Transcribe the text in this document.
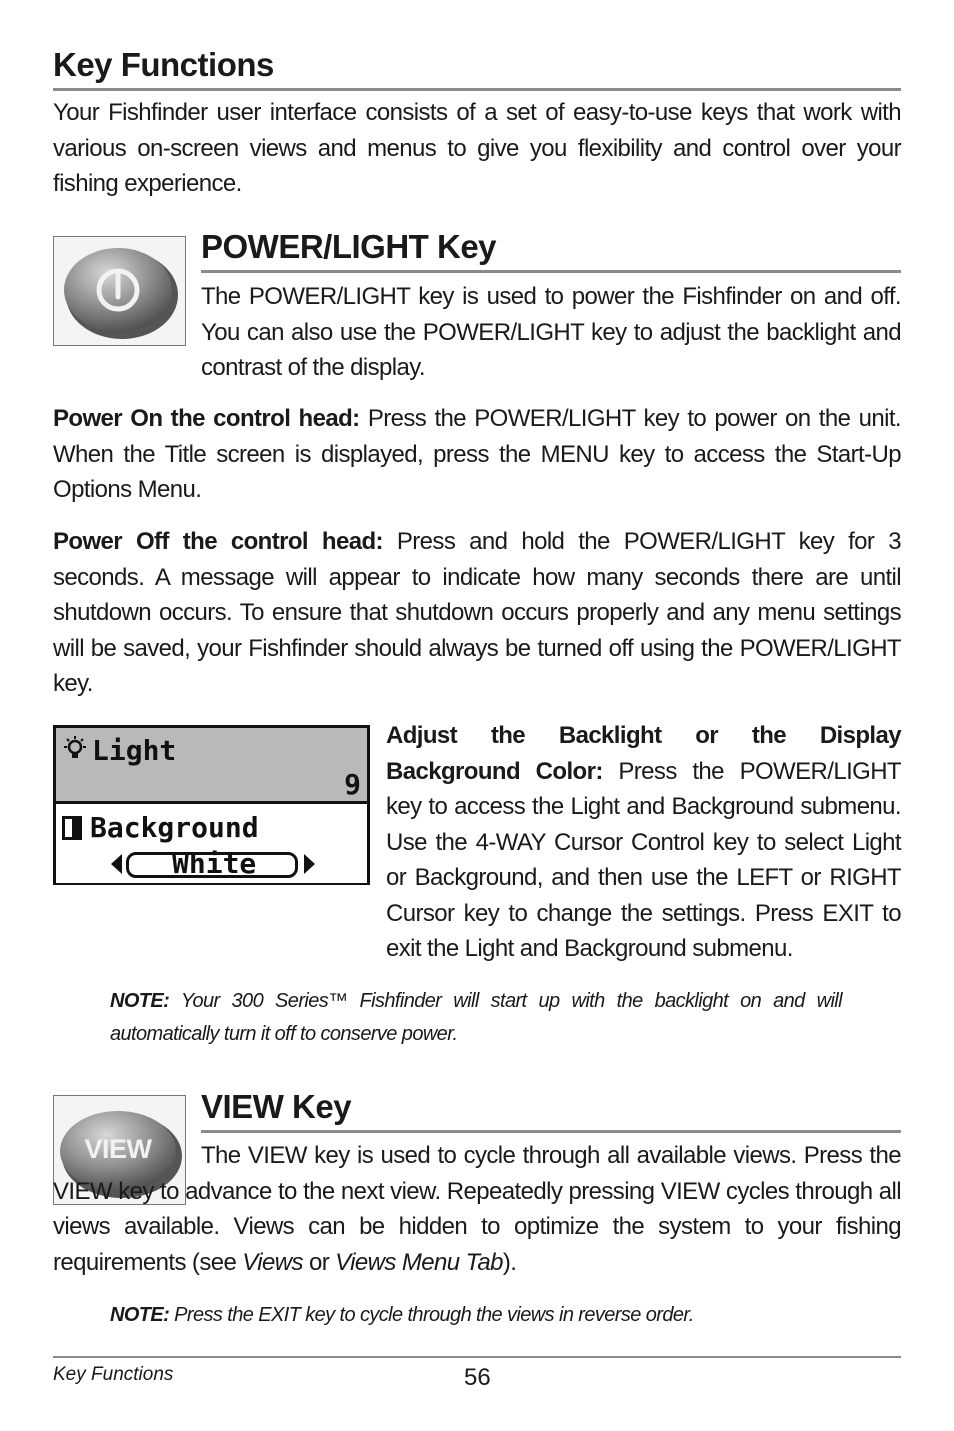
Key Functions

Your Fishfinder user interface consists of a set of easy-to-use keys that work with various on-screen views and menus to give you flexibility and control over your fishing experience.

POWER/LIGHT Key

The POWER/LIGHT key is used to power the Fishfinder on and off. You can also use the POWER/LIGHT key to adjust the backlight and contrast of the display.

Power On the control head: Press the POWER/LIGHT key to power on the unit. When the Title screen is displayed, press the MENU key to access the Start-Up Options Menu.

Power Off the control head: Press and hold the POWER/LIGHT key for 3 seconds. A message will appear to indicate how many seconds there are until shutdown occurs. To ensure that shutdown occurs properly and any menu settings will be saved, your Fishfinder should always be turned off using the POWER/LIGHT key.

Light
9
Background
White

Adjust the Backlight or the Display Background Color: Press the POWER/LIGHT key to access the Light and Background submenu. Use the 4-WAY Cursor Control key to select Light or Background, and then use the LEFT or RIGHT Cursor key to change the settings. Press EXIT to exit the Light and Background submenu.

NOTE: Your 300 Series™ Fishfinder will start up with the backlight on and will automatically turn it off to conserve power.

VIEW
VIEW Key

The VIEW key is used to cycle through all available views. Press the VIEW key to advance to the next view. Repeatedly pressing VIEW cycles through all views available. Views can be hidden to optimize the system to your fishing requirements (see Views or Views Menu Tab).

NOTE: Press the EXIT key to cycle through the views in reverse order.

Key Functions	56
